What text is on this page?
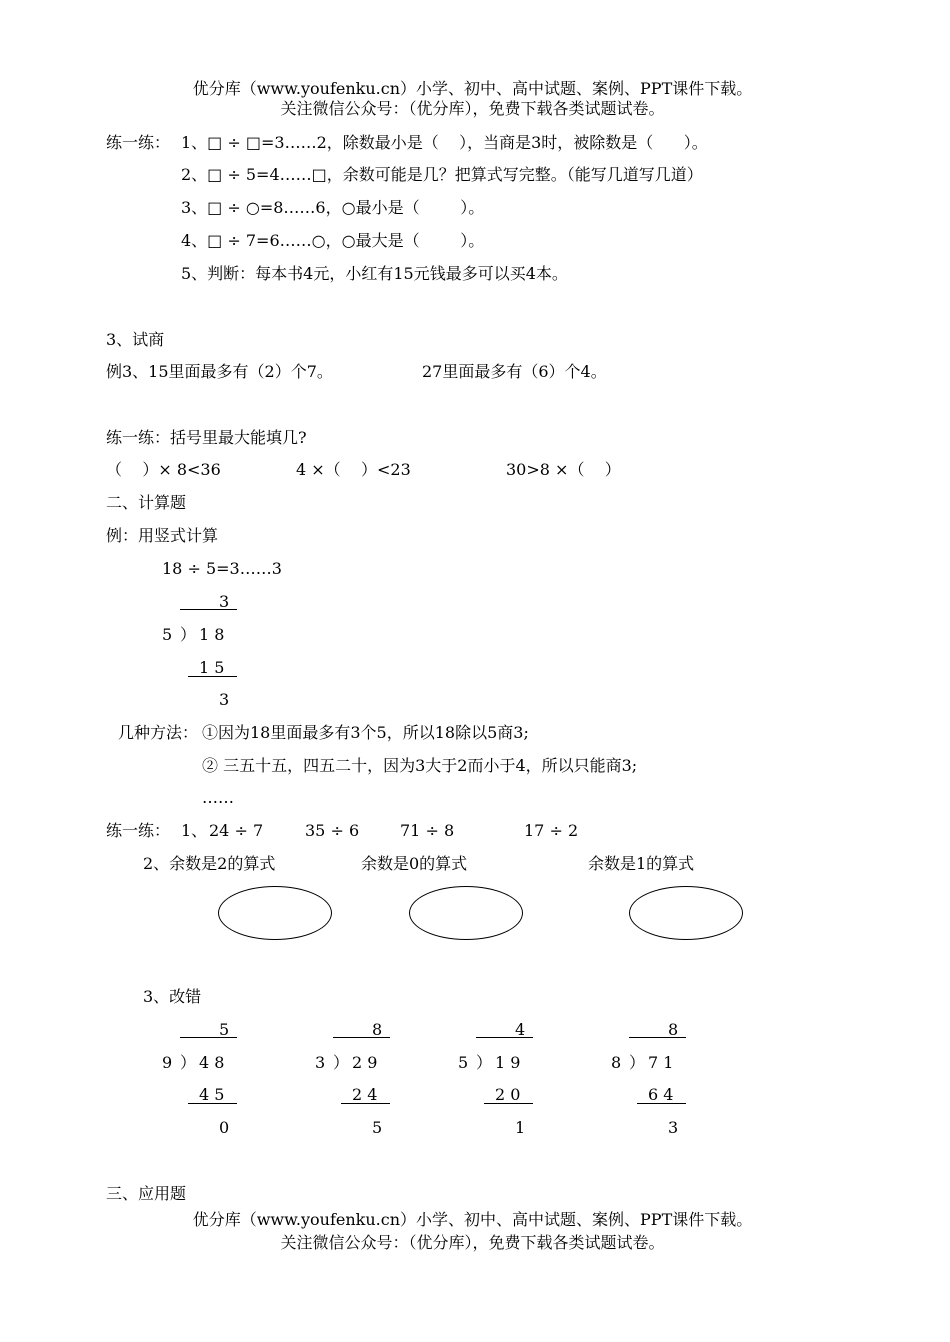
优分库（www.youfenku.cn）小学、初中、高中试题、案例、PPT课件下载。
关注微信公众号：（优分库），免费下载各类试题试卷。
练一练： 1、□ ÷ □=3……2，除数最小是（    ），当商是3时，被除数是（      ）。
2、□ ÷ 5=4……□，余数可能是几？把算式写完整。（能写几道写几道）
3、□ ÷ ○=8……6，○最小是（        ）。
4、□ ÷ 7=6……○，○最大是（        ）。
5、判断：每本书4元，小红有15元钱最多可以买4本。
3、试商
例3、15里面最多有（2）个7。	27里面最多有（6）个4。
练一练：括号里最大能填几?
（    ）× 8<36	4 ×（    ）<23	30>8 ×（    ）
二、计算题
例：用竖式计算
18 ÷ 5=3……3
3
5 ） 1 8
1 5
3
几种方法： ①因为18里面最多有3个5，所以18除以5商3;
② 三五十五，四五二十，因为3大于2而小于4，所以只能商3;
……
练一练： 1、 24 ÷ 7	35 ÷ 6	71 ÷ 8	17 ÷ 2
2、余数是2的算式	余数是0的算式	余数是1的算式
3、改错
5
9 ） 4 8
4 5
0
8
3 ） 2 9
2 4
5
4
5 ） 1 9
2 0
1
8
8 ） 7 1
6 4
3
三、应用题
优分库（www.youfenku.cn）小学、初中、高中试题、案例、PPT课件下载。
关注微信公众号：（优分库），免费下载各类试题试卷。
